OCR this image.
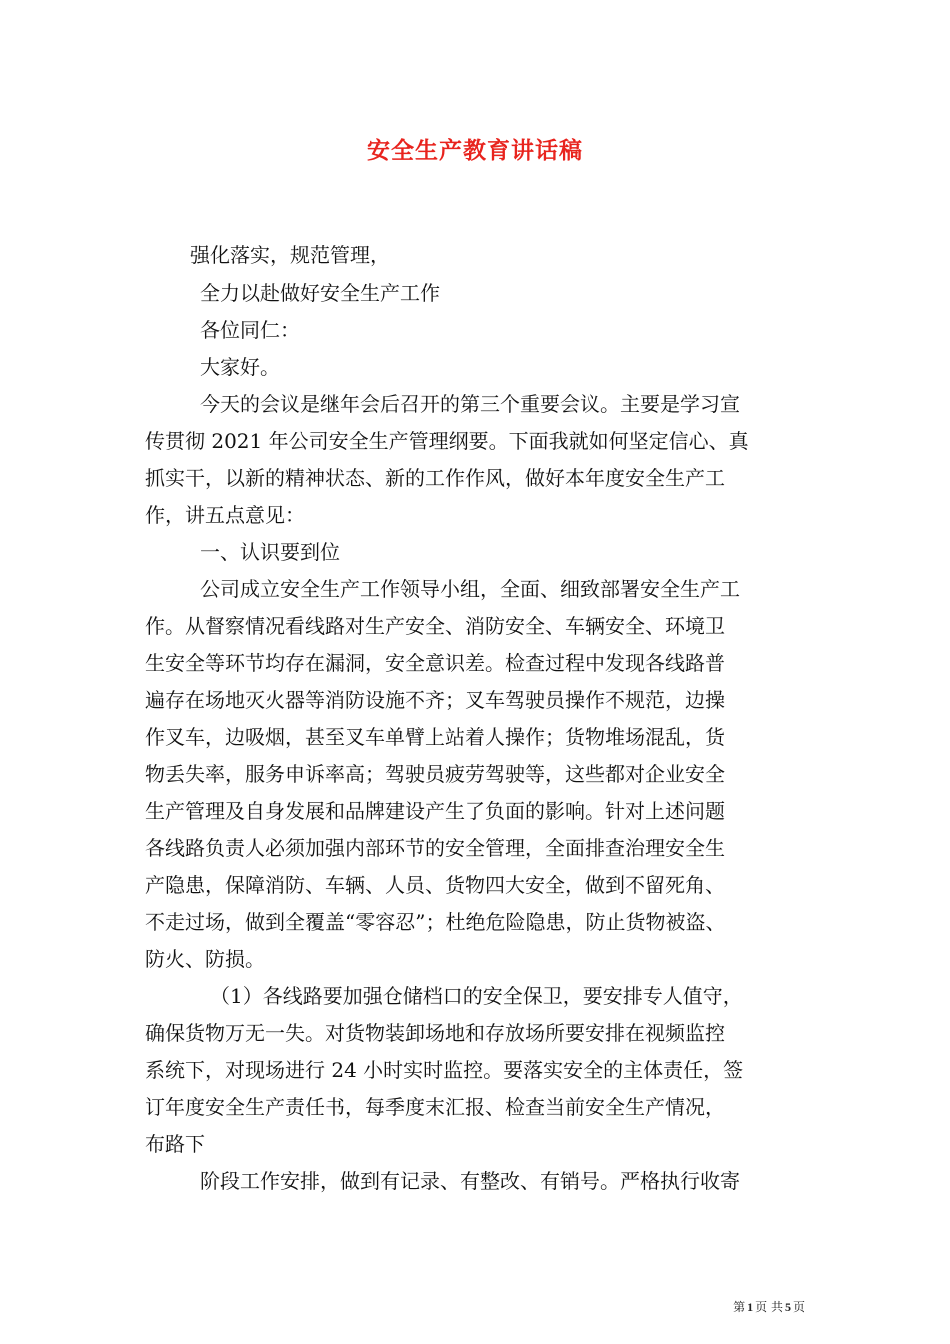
安全生产教育讲话稿

强化落实，规范管理，

全力以赴做好安全生产工作

各位同仁：

大家好。

今天的会议是继年会后召开的第三个重要会议。主要是学习宣

传贯彻 2021 年公司安全生产管理纲要。下面我就如何坚定信心、真

抓实干，以新的精神状态、新的工作作风，做好本年度安全生产工

作，讲五点意见：

一、认识要到位

公司成立安全生产工作领导小组，全面、细致部署安全生产工

作。从督察情况看线路对生产安全、消防安全、车辆安全、环境卫

生安全等环节均存在漏洞，安全意识差。检查过程中发现各线路普

遍存在场地灭火器等消防设施不齐；叉车驾驶员操作不规范，边操

作叉车，边吸烟，甚至叉车单臂上站着人操作；货物堆场混乱，货

物丢失率，服务申诉率高；驾驶员疲劳驾驶等，这些都对企业安全

生产管理及自身发展和品牌建设产生了负面的影响。针对上述问题

各线路负责人必须加强内部环节的安全管理，全面排查治理安全生

产隐患，保障消防、车辆、人员、货物四大安全，做到不留死角、

不走过场，做到全覆盖“零容忍”；杜绝危险隐患，防止货物被盗、

防火、防损。

（1）各线路要加强仓储档口的安全保卫，要安排专人值守，

确保货物万无一失。对货物装卸场地和存放场所要安排在视频监控

系统下，对现场进行 24 小时实时监控。要落实安全的主体责任，签

订年度安全生产责任书，每季度末汇报、检查当前安全生产情况，

布路下

阶段工作安排，做到有记录、有整改、有销号。严格执行收寄

第 1 页 共 5 页
